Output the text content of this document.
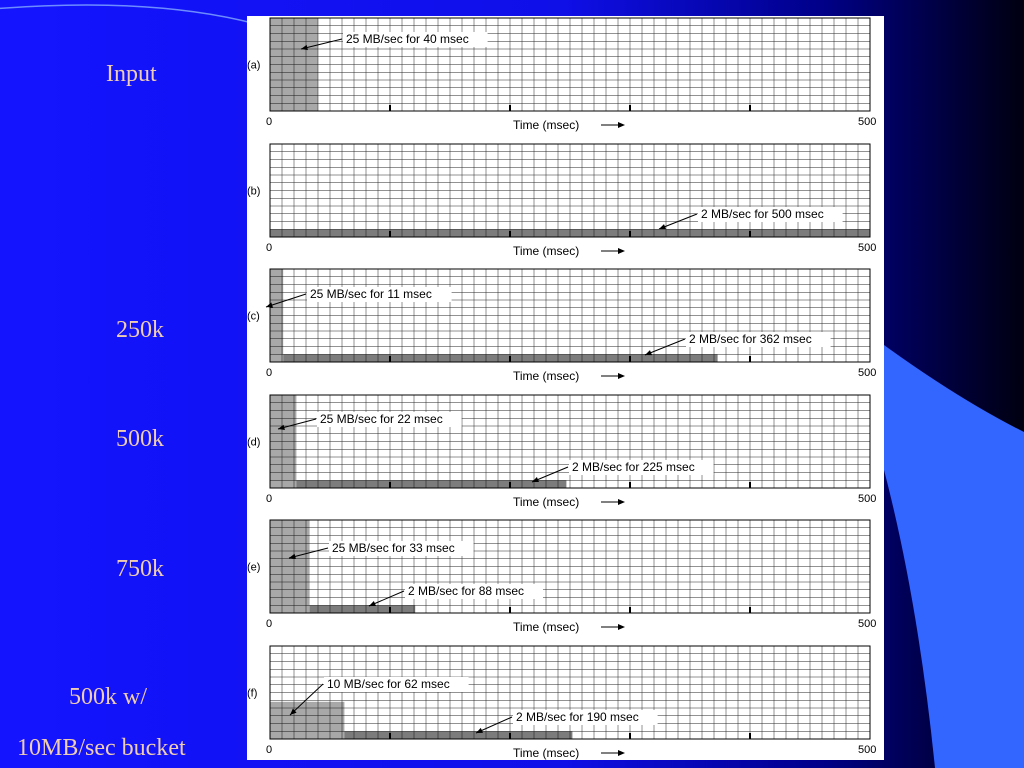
Input
250k
500k
750k
500k w/
10MB/sec bucket
(a)
0	500
Time (msec)
25 MB/sec for 40 msec
(b)
0	500
Time (msec)
2 MB/sec for 500 msec
(c)
0	500
Time (msec)
25 MB/sec for 11 msec
2 MB/sec for 362 msec
(d)
0	500
Time (msec)
25 MB/sec for 22 msec
2 MB/sec for 225 msec
(e)
0	500
Time (msec)
25 MB/sec for 33 msec
2 MB/sec for 88 msec
(f)
0	500
Time (msec)
10 MB/sec for 62 msec
2 MB/sec for 190 msec
